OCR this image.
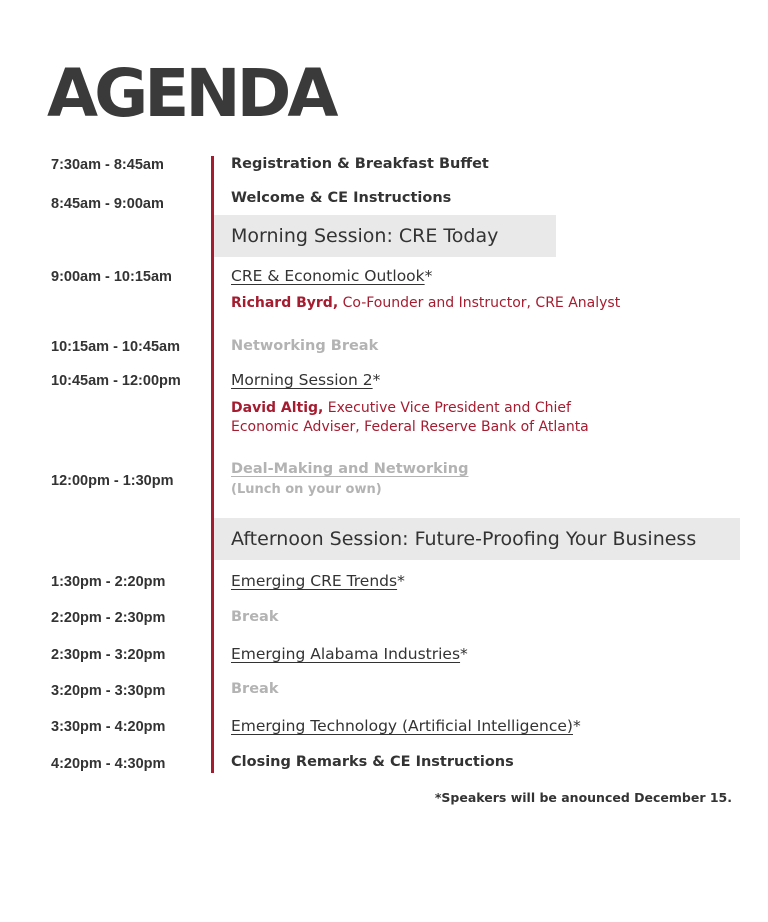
AGENDA
7:30am - 8:45am
8:45am - 9:00am
9:00am - 10:15am
10:15am - 10:45am
10:45am - 12:00pm
12:00pm - 1:30pm
1:30pm - 2:20pm
2:20pm - 2:30pm
2:30pm - 3:20pm
3:20pm - 3:30pm
3:30pm - 4:20pm
4:20pm - 4:30pm
Registration & Breakfast Buffet
Welcome & CE Instructions
Morning Session: CRE Today
CRE & Economic Outlook*
Richard Byrd, Co-Founder and Instructor, CRE Analyst
Networking Break
Morning Session 2*
David Altig, Executive Vice President and Chief
Economic Adviser, Federal Reserve Bank of Atlanta
Deal-Making and Networking
(Lunch on your own)
Afternoon Session: Future-Proofing Your Business
Emerging CRE Trends*
Break
Emerging Alabama Industries*
Break
Emerging Technology (Artificial Intelligence)*
Closing Remarks & CE Instructions
*Speakers will be anounced December 15.
